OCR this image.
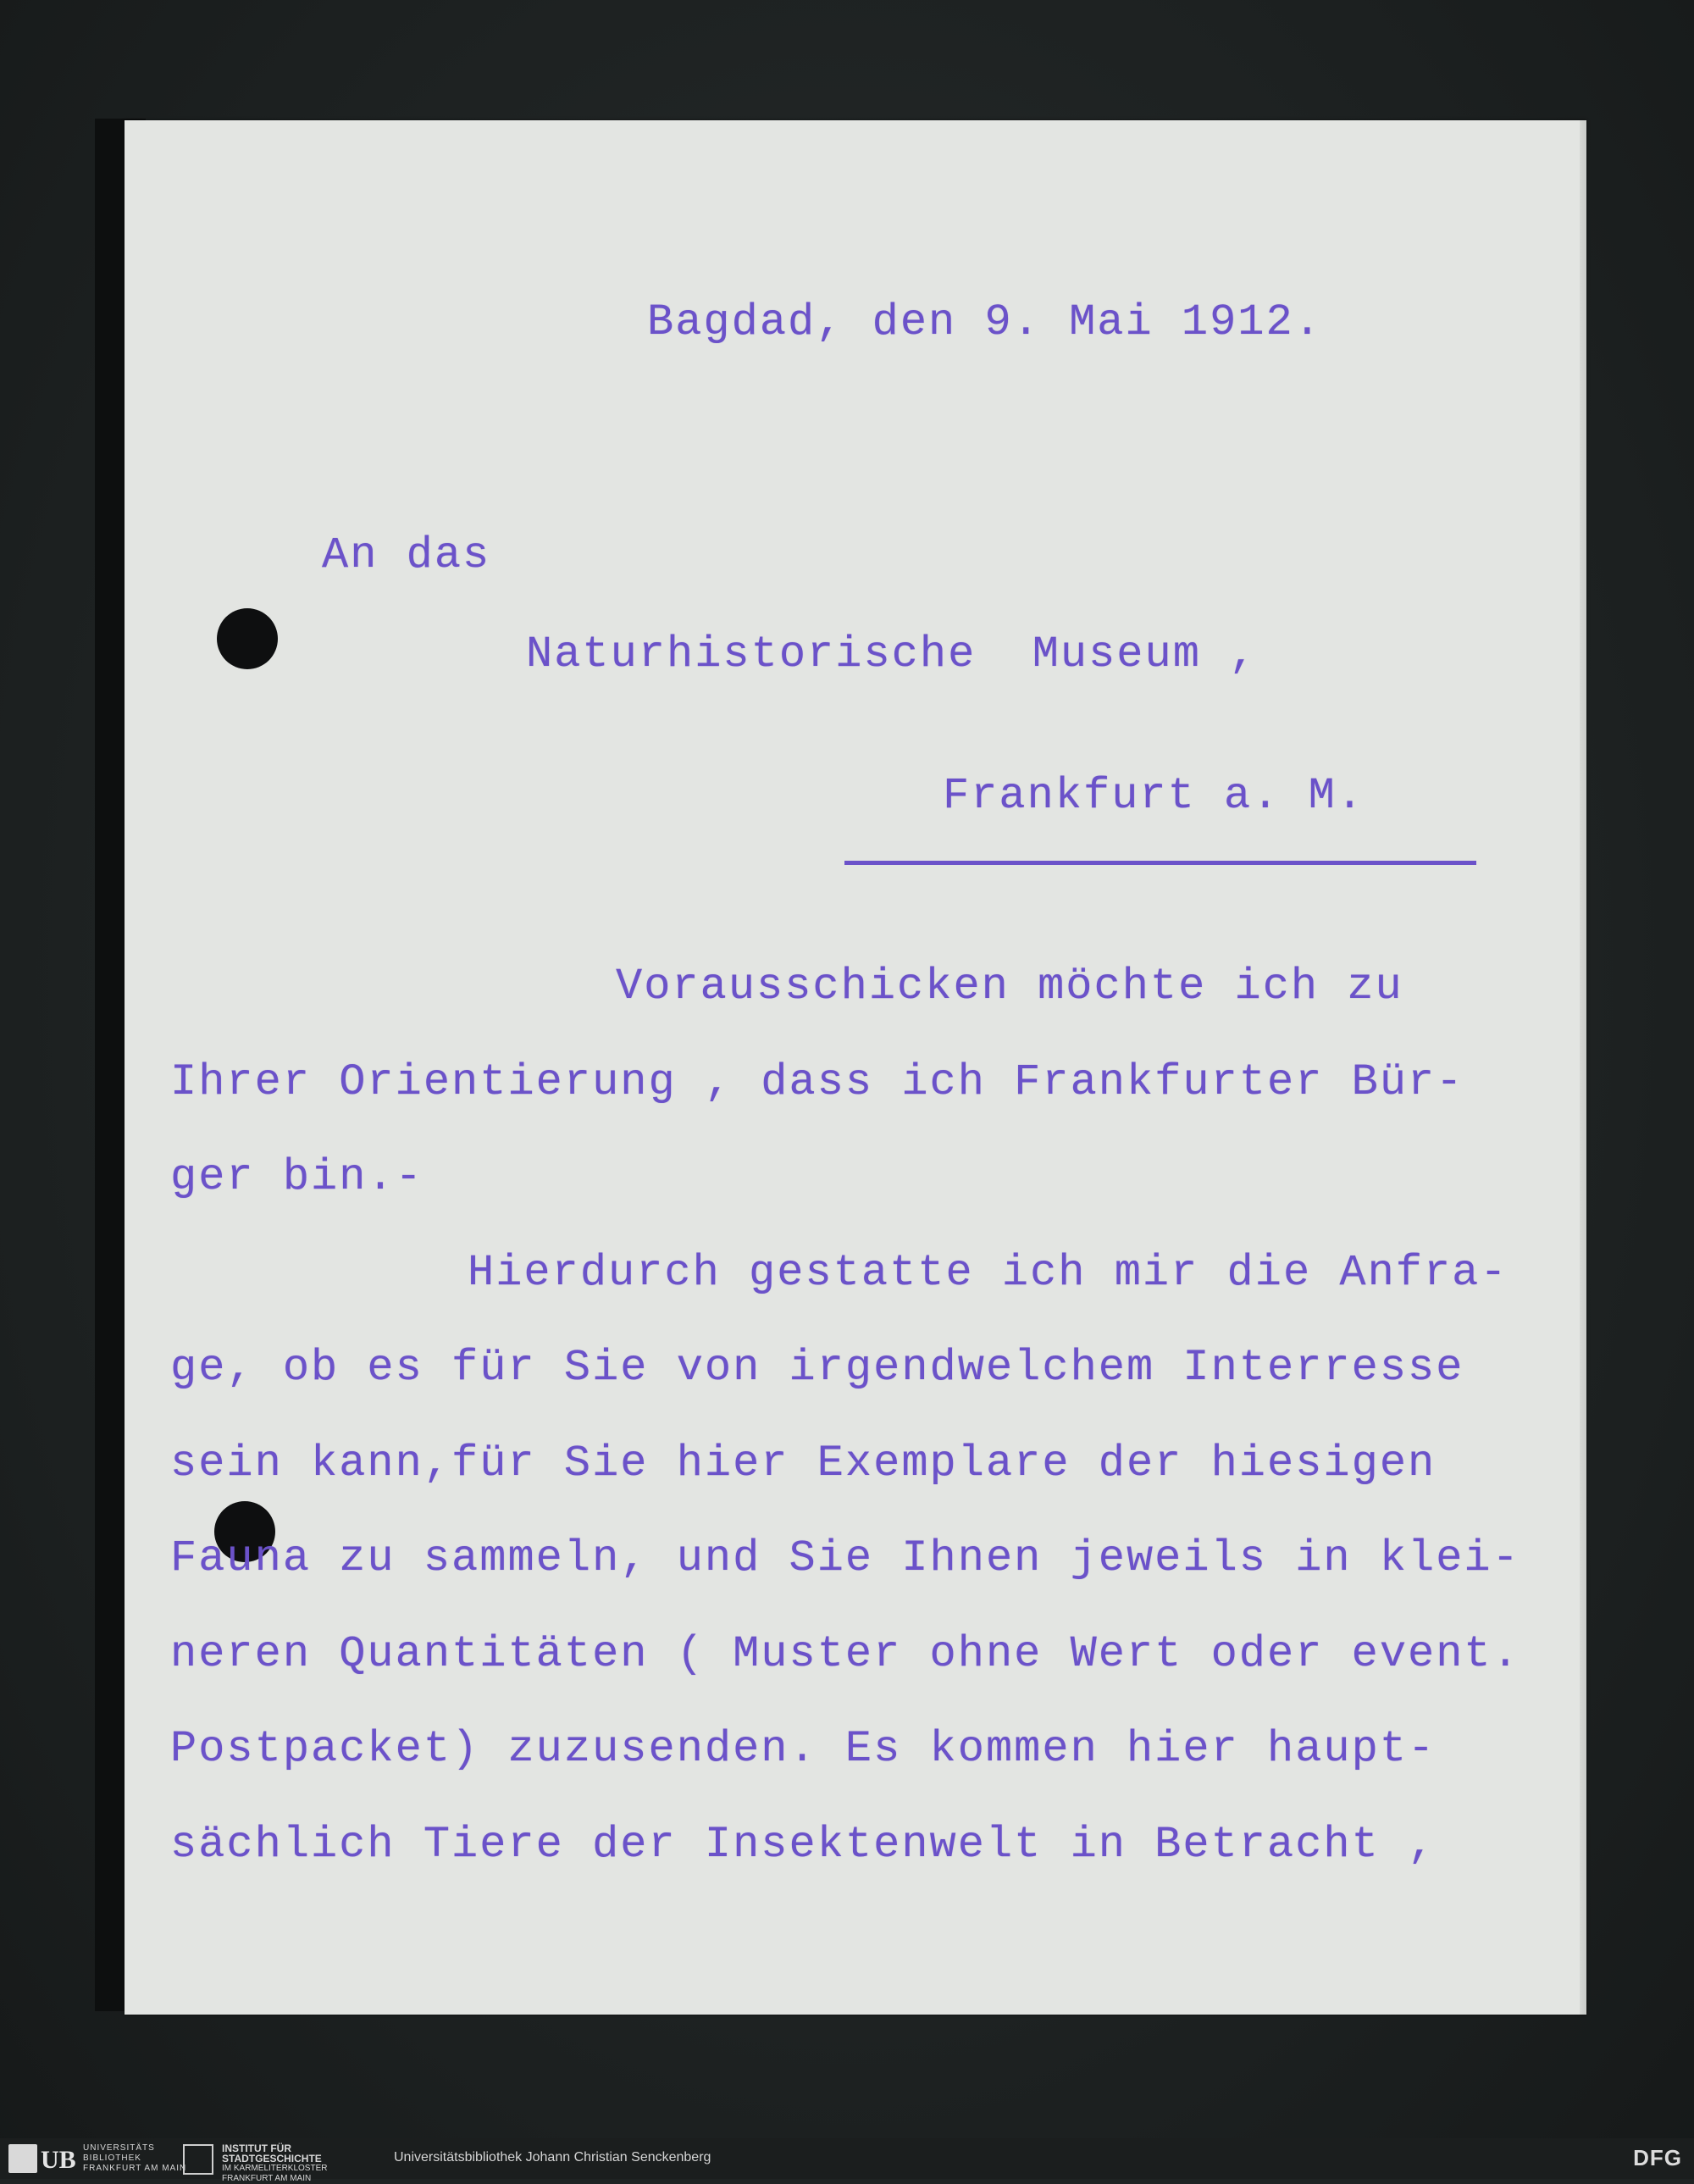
Bagdad, den 9. Mai 1912.
An das
Naturhistorische  Museum ,
Frankfurt a. M.
Vorausschicken möchte ich zu
Ihrer Orientierung , dass ich Frankfurter Bür-
ger bin.-
Hierdurch gestatte ich mir die Anfra-
ge, ob es für Sie von irgendwelchem Interresse
sein kann,für Sie hier Exemplare der hiesigen
Fauna zu sammeln, und Sie Ihnen jeweils in klei-
neren Quantitäten ( Muster ohne Wert oder event.
Postpacket) zuzusenden. Es kommen hier haupt-
sächlich Tiere der Insektenwelt in Betracht ,
UB UNIVERSITÄTS
BIBLIOTHEK
FRANKFURT AM MAIN
INSTITUT FÜR
STADTGESCHICHTE
IM KARMELITERKLOSTER
FRANKFURT AM MAIN
Universitätsbibliothek Johann Christian Senckenberg	DFG
